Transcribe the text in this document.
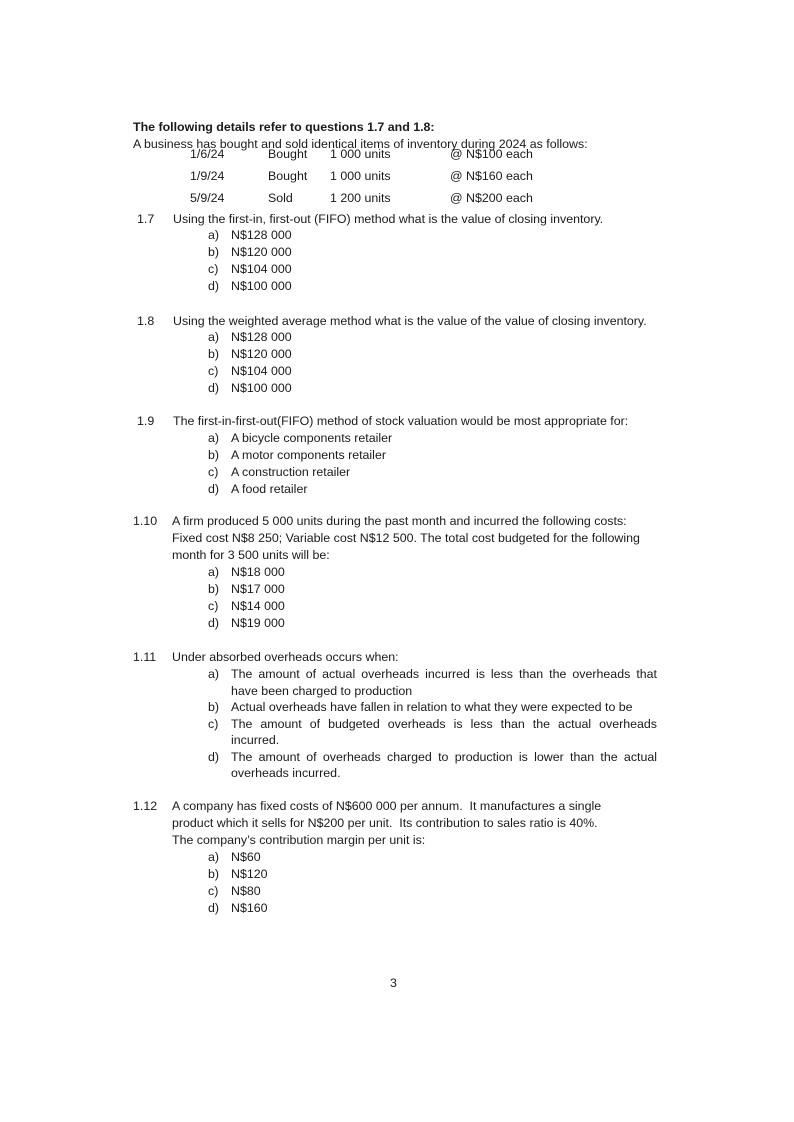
The following details refer to questions 1.7 and 1.8:
A business has bought and sold identical items of inventory during 2024 as follows:
1/6/24	Bought 1 000 units	@ N$100 each
1/9/24	Bought 1 000 units	@ N$160 each
5/9/24	Sold	1 200 units	@ N$200 each
1.7 Using the first-in, first-out (FIFO) method what is the value of closing inventory.
a) N$128 000
b) N$120 000
c) N$104 000
d) N$100 000
1.8 Using the weighted average method what is the value of the value of closing inventory.
a) N$128 000
b) N$120 000
c) N$104 000
d) N$100 000
1.9 The first-in-first-out(FIFO) method of stock valuation would be most appropriate for:
a) A bicycle components retailer
b) A motor components retailer
c) A construction retailer
d) A food retailer
1.10 A firm produced 5 000 units during the past month and incurred the following costs:
Fixed cost N$8 250; Variable cost N$12 500. The total cost budgeted for the following
month for 3 500 units will be:
a) N$18 000
b) N$17 000
c) N$14 000
d) N$19 000
1.11 Under absorbed overheads occurs when:
a) The amount of actual overheads incurred is less than the overheads that have been charged to production
b) Actual overheads have fallen in relation to what they were expected to be
c) The amount of budgeted overheads is less than the actual overheads incurred.
d) The amount of overheads charged to production is lower than the actual overheads incurred.
1.12 A company has fixed costs of N$600 000 per annum.  It manufactures a single
product which it sells for N$200 per unit.  Its contribution to sales ratio is 40%.
The company’s contribution margin per unit is:
a) N$60
b) N$120
c) N$80
d) N$160
3
